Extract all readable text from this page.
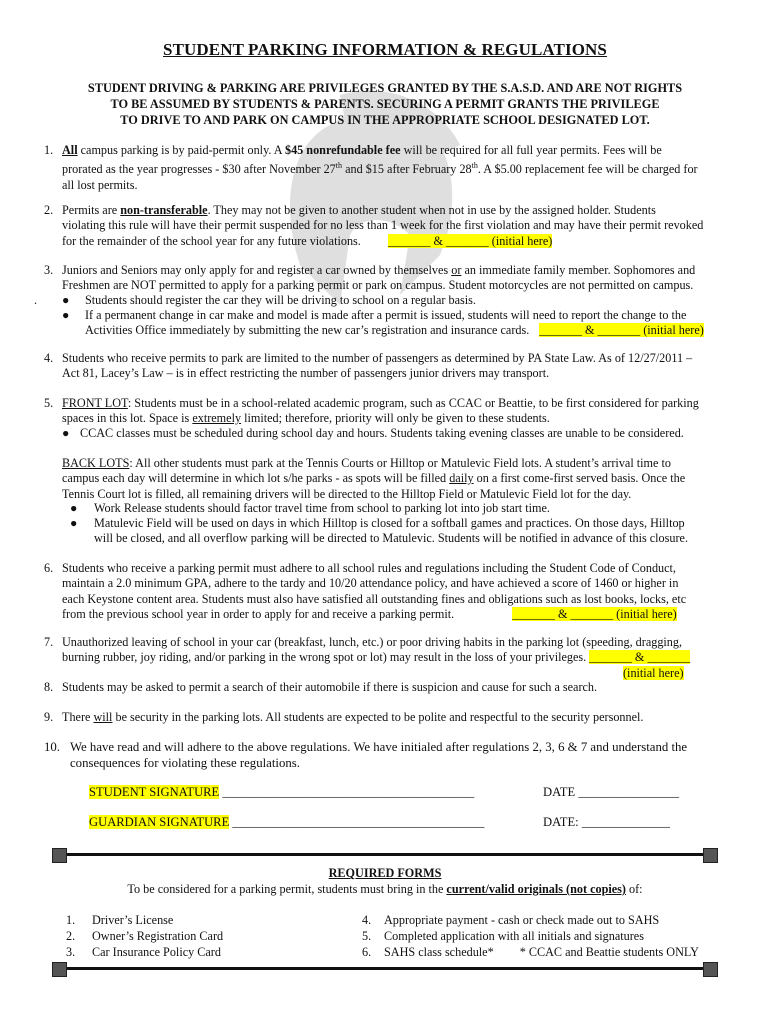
STUDENT PARKING INFORMATION & REGULATIONS
STUDENT DRIVING & PARKING ARE PRIVILEGES GRANTED BY THE S.A.S.D. AND ARE NOT RIGHTS
TO BE ASSUMED BY STUDENTS & PARENTS. SECURING A PERMIT GRANTS THE PRIVILEGE
TO DRIVE TO AND PARK ON CAMPUS IN THE APPROPRIATE SCHOOL DESIGNATED LOT.
1. All campus parking is by paid-permit only. A $45 nonrefundable fee will be required for all full year permits. Fees will be
prorated as the year progresses - $30 after November 27th and $15 after February 28th. A $5.00 replacement fee will be charged for
all lost permits.
2. Permits are non-transferable. They may not be given to another student when not in use by the assigned holder. Students
violating this rule will have their permit suspended for no less than 1 week for the first violation and may have their permit revoked
for the remainder of the school year for any future violations. _______ & _______ (initial here)
3. Juniors and Seniors may only apply for and register a car owned by themselves or an immediate family member. Sophomores and
Freshmen are NOT permitted to apply for a parking permit or park on campus. Student motorcycles are not permitted on campus.
. ● Students should register the car they will be driving to school on a regular basis.
● If a permanent change in car make and model is made after a permit is issued, students will need to report the change to the
Activities Office immediately by submitting the new car’s registration and insurance cards. _______ & _______ (initial here)
4. Students who receive permits to park are limited to the number of passengers as determined by PA State Law. As of 12/27/2011 –
Act 81, Lacey’s Law – is in effect restricting the number of passengers junior drivers may transport.
5. FRONT LOT: Students must be in a school-related academic program, such as CCAC or Beattie, to be first considered for parking
spaces in this lot. Space is extremely limited; therefore, priority will only be given to these students.
● CCAC classes must be scheduled during school day and hours. Students taking evening classes are unable to be considered.
BACK LOTS: All other students must park at the Tennis Courts or Hilltop or Matulevic Field lots. A student’s arrival time to
campus each day will determine in which lot s/he parks - as spots will be filled daily on a first come-first served basis. Once the
Tennis Court lot is filled, all remaining drivers will be directed to the Hilltop Field or Matulevic Field lot for the day.
● Work Release students should factor travel time from school to parking lot into job start time.
● Matulevic Field will be used on days in which Hilltop is closed for a softball games and practices. On those days, Hilltop
will be closed, and all overflow parking will be directed to Matulevic. Students will be notified in advance of this closure.
6. Students who receive a parking permit must adhere to all school rules and regulations including the Student Code of Conduct,
maintain a 2.0 minimum GPA, adhere to the tardy and 10/20 attendance policy, and have achieved a score of 1460 or higher in
each Keystone content area. Students must also have satisfied all outstanding fines and obligations such as lost books, locks, etc
from the previous school year in order to apply for and receive a parking permit.	_______ & _______ (initial here)
7. Unauthorized leaving of school in your car (breakfast, lunch, etc.) or poor driving habits in the parking lot (speeding, dragging,
burning rubber, joy riding, and/or parking in the wrong spot or lot) may result in the loss of your privileges. _______ & _______
(initial here)
8. Students may be asked to permit a search of their automobile if there is suspicion and cause for such a search.
9. There will be security in the parking lots. All students are expected to be polite and respectful to the security personnel.
10. We have read and will adhere to the above regulations. We have initialed after regulations 2, 3, 6 & 7 and understand the
consequences for violating these regulations.
STUDENT SIGNATURE ________________________________________	DATE ________________
GUARDIAN SIGNATURE ________________________________________	DATE: ______________
REQUIRED FORMS
To be considered for a parking permit, students must bring in the current/valid originals (not copies) of:
1. Driver’s License
2. Owner’s Registration Card
3. Car Insurance Policy Card
4. Appropriate payment - cash or check made out to SAHS
5. Completed application with all initials and signatures
6. SAHS class schedule* * CCAC and Beattie students ONLY
